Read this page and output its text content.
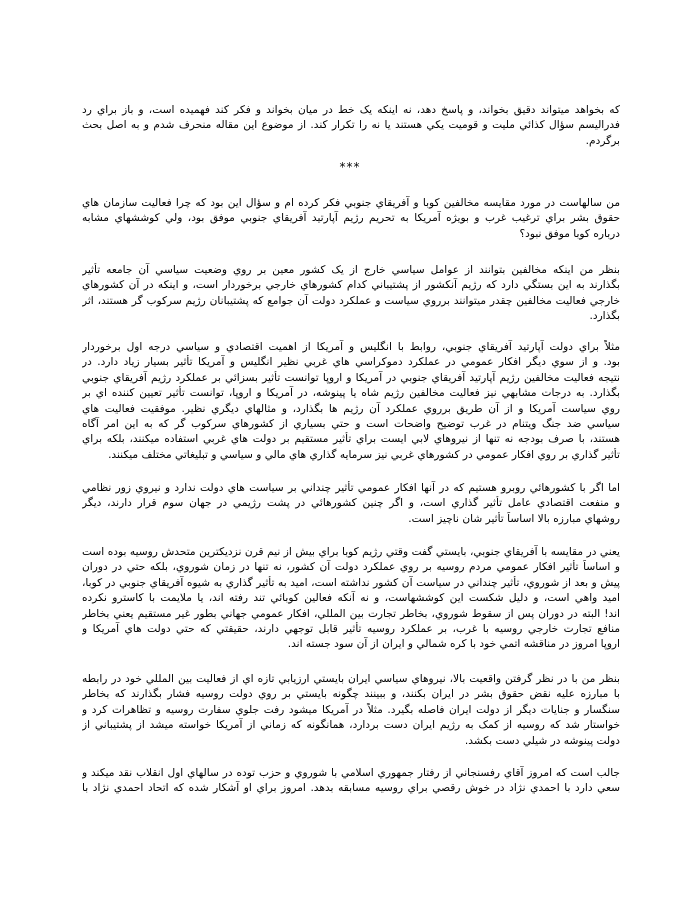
كه بخواهد ميتواند دقيق بخواند، و پاسخ دهد، نه اينكه يک خط در ميان بخواند و فكر كند فهميده است، و باز براي رد
فدراليسم سؤال كذائي مليت و قوميت يكي هستند يا نه را تكرار كند. از موضوع اين مقاله منحرف شدم و به اصل بحث
برگردم.
***
من سالهاست در مورد مقايسه مخالفين كوبا و آفريقاي جنوبي فكر كرده ام و سؤال اين بود كه چرا فعاليت سازمان هاي
حقوق بشر براي ترغيب غرب و بويژه آمريكا به تحريم رژيم آپارتيد آفريقاي جنوبي موفق بود، ولي كوششهاي مشابه
درباره كوبا موفق نبود؟
بنظر من اينكه مخالفين بتوانند از عوامل سياسي خارج از يک كشور معين بر روي وضعيت سياسي آن جامعه تأثير
بگذارند به اين بستگي دارد كه رژيم آنكشور از پشتيباني كدام كشورهاي خارجي برخوردار است، و اينكه در آن كشورهاي
خارجي فعاليت مخالفين چقدر ميتوانند برروي سياست و عملكرد دولت آن جوامع كه پشتيبانان رژيم سركوب گر هستند، اثر
بگذارد.
مثلاً براي دولت آپارتيد آفريقاي جنوبي، روابط با انگليس و آمريكا از اهميت اقتصادي و سياسي درجه اول برخوردار
بود. و از سوي ديگر افكار عمومي در عملكرد دموكراسي هاي غربي نظير انگليس و آمريكا تأثير بسيار زياد دارد. در
نتيجه فعاليت مخالفين رژيم آپارتيد آفريقاي جنوبي در آمريكا و اروپا توانست تأثير بسزائي بر عملكرد رژيم آفريقاي جنوبي
بگذارد. به درجات مشابهي نيز فعاليت مخالفين رژيم شاه يا پينوشه، در آمريكا و اروپا، توانست تأثير تعيين كننده اي بر
روي سياست آمريكا و از آن طريق برروي عملكرد آن رژيم ها بگذارد، و مثالهاي ديگري نظير. موفقيت فعاليت هاي
سياسي ضد جنگ ويتنام در غرب توضيح واضحات است و حتي بسياري از كشورهاي سركوب گر كه به اين امر آگاه
هستند، با صرف بودجه نه تنها از نيروهاي لابي ايست براي تأثير مستقيم بر دولت هاي غربي استفاده ميكنند، بلكه براي
تأثير گذاري بر روي افكار عمومي در كشورهاي غربي نيز سرمايه گذاري هاي مالي و سياسي و تبليغاتي مختلف ميكنند.
اما اگر با كشورهائي روبرو هستيم كه در آنها افكار عمومي تأثير چنداني بر سياست هاي دولت ندارد و نيروي زور نظامي
و منفعت اقتصادي عامل تأثير گذاري است، و اگر چنين كشورهائي در پشت رژيمي در جهان سوم قرار دارند، ديگر
روشهاي مبارزه بالا اساساً تأثير شان ناچيز است.
يعني در مقايسه با آفريقاي جنوبي، بايستي گفت وقتي رژيم كوبا براي بيش از نيم قرن نزديكترين متحدش روسيه بوده است
و اساساً تأثير افكار عمومي مردم روسيه بر روي عملكرد دولت آن كشور، نه تنها در زمان شوروي، بلكه حتي در دوران
پيش و بعد از شوروي، تأثير چنداني در سياست آن كشور نداشته است، اميد به تأثير گذاري به شيوه آفريقاي جنوبي در كوبا،
اميد واهي است، و دليل شكست اين كوششهاست، و نه آنكه فعالين كوبائي تند رفته اند، يا ملايمت با كاسترو نكرده
اند! البته در دوران پس از سقوط شوروي، بخاطر تجارت بين المللي، افكار عمومي جهاني بطور غير مستقيم يعني بخاطر
منافع تجارت خارجي روسيه با غرب، بر عملكرد روسيه تأثير قابل توجهي دارند، حقيقتي كه حتي دولت هاي آمريكا و
اروپا امروز در مناقشه اتمي خود با كره شمالي و ايران از آن سود جسته اند.
بنظر من با در نظر گرفتن واقعيت بالا، نيروهاي سياسي ايران بايستي ارزيابي تازه اي از فعاليت بين المللي خود در رابطه
با مبارزه عليه نقض حقوق بشر در ايران بكنند، و ببينند چگونه بايستي بر روي دولت روسيه فشار بگذارند كه بخاطر
سنگسار و جنايات ديگر از دولت ايران فاصله بگيرد. مثلاً در آمريكا ميشود رفت جلوي سفارت روسيه و تظاهرات كرد و
خواستار شد كه روسيه از كمک به رژيم ايران دست بردارد، همانگونه كه زماني از آمريكا خواسته ميشد از پشتيباني از
دولت پينوشه در شيلي دست بكشد.
جالب است كه امروز آقاي رفسنجاني از رفتار جمهوري اسلامي با شوروي و حزب توده در سالهاي اول انقلاب نقد ميكند و
سعي دارد با احمدي نژاد در خوش رقصي براي روسيه مسابقه بدهد. امروز براي او آشكار شده كه اتحاد احمدي نژاد با
